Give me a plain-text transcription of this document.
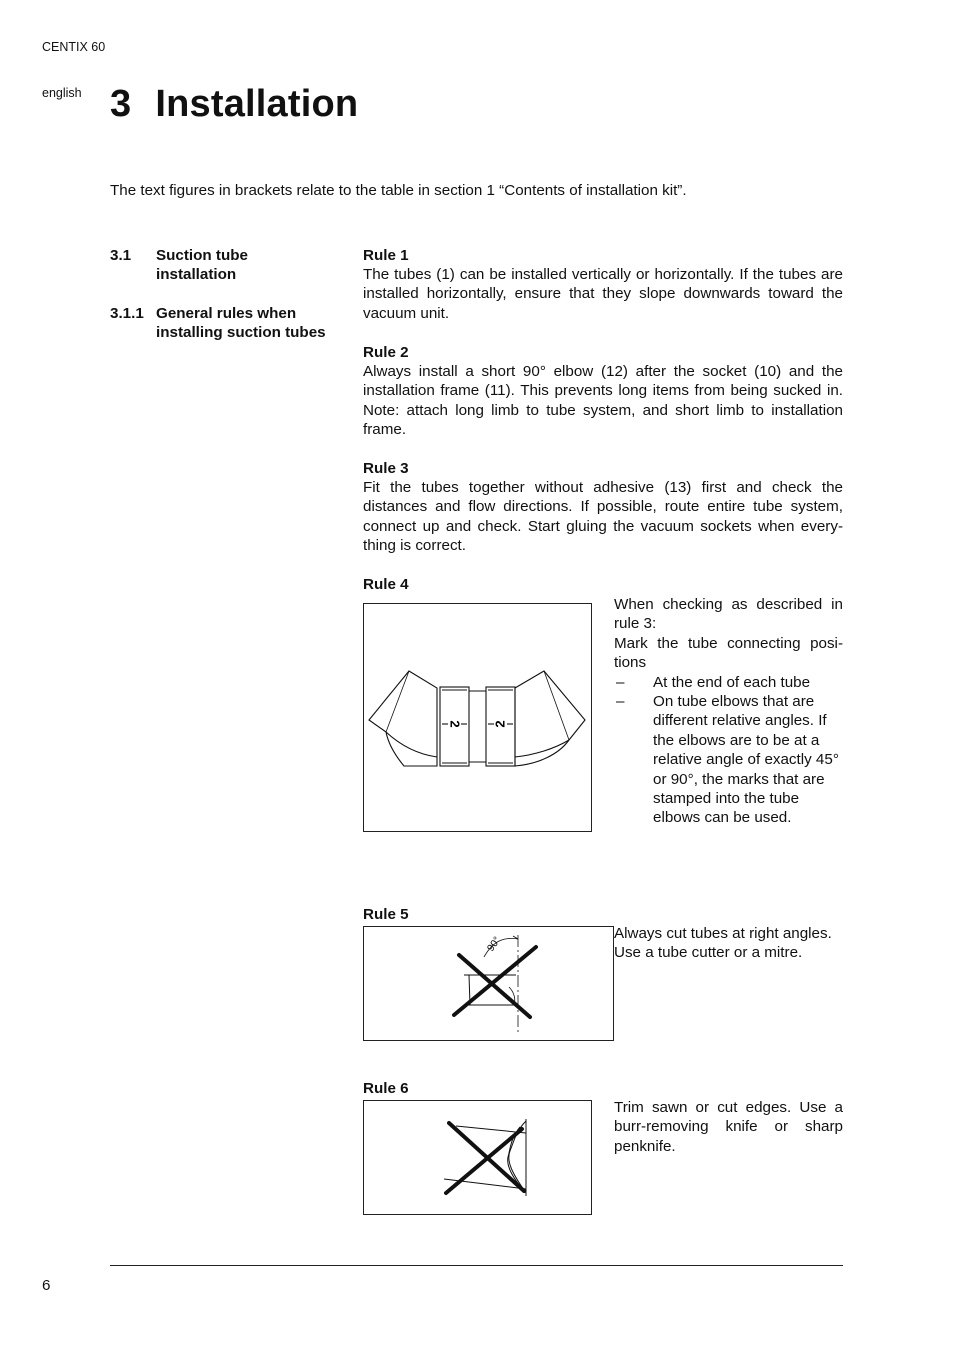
CENTIX 60
english 3 Installation
The text figures in brackets relate to the table in section 1 “Contents of installation kit”.
3.1 Suction tube
installation
3.1.1 General rules when
installing suction tubes
Rule 1
The tubes (1) can be installed vertically or horizontally. If the tubes are installed horizontally, ensure that they slope downwards toward the vacuum unit.
Rule 2
Always install a short 90° elbow (12) after the socket (10) and the installation frame (11). This prevents long items from being sucked in. Note: attach long limb to tube system, and short limb to installation frame.
Rule 3
Fit the tubes together without adhesive (13) first and check the distances and flow directions. If possible, route entire tube system, connect up and check. Start gluing the vacuum sockets when everything is correct.
Rule 4
2 2
When checking as described in rule 3:
Mark the tube connecting positions
– At the end of each tube
– On tube elbows that are different relative angles. If the elbows are to be at a relative angle of exactly 45° or 90°, the marks that are stamped into the tube elbows can be used.
Rule 5
90°
Always cut tubes at right angles. Use a tube cutter or a mitre.
Rule 6
Trim sawn or cut edges. Use a burr-removing knife or sharp penknife.
6
